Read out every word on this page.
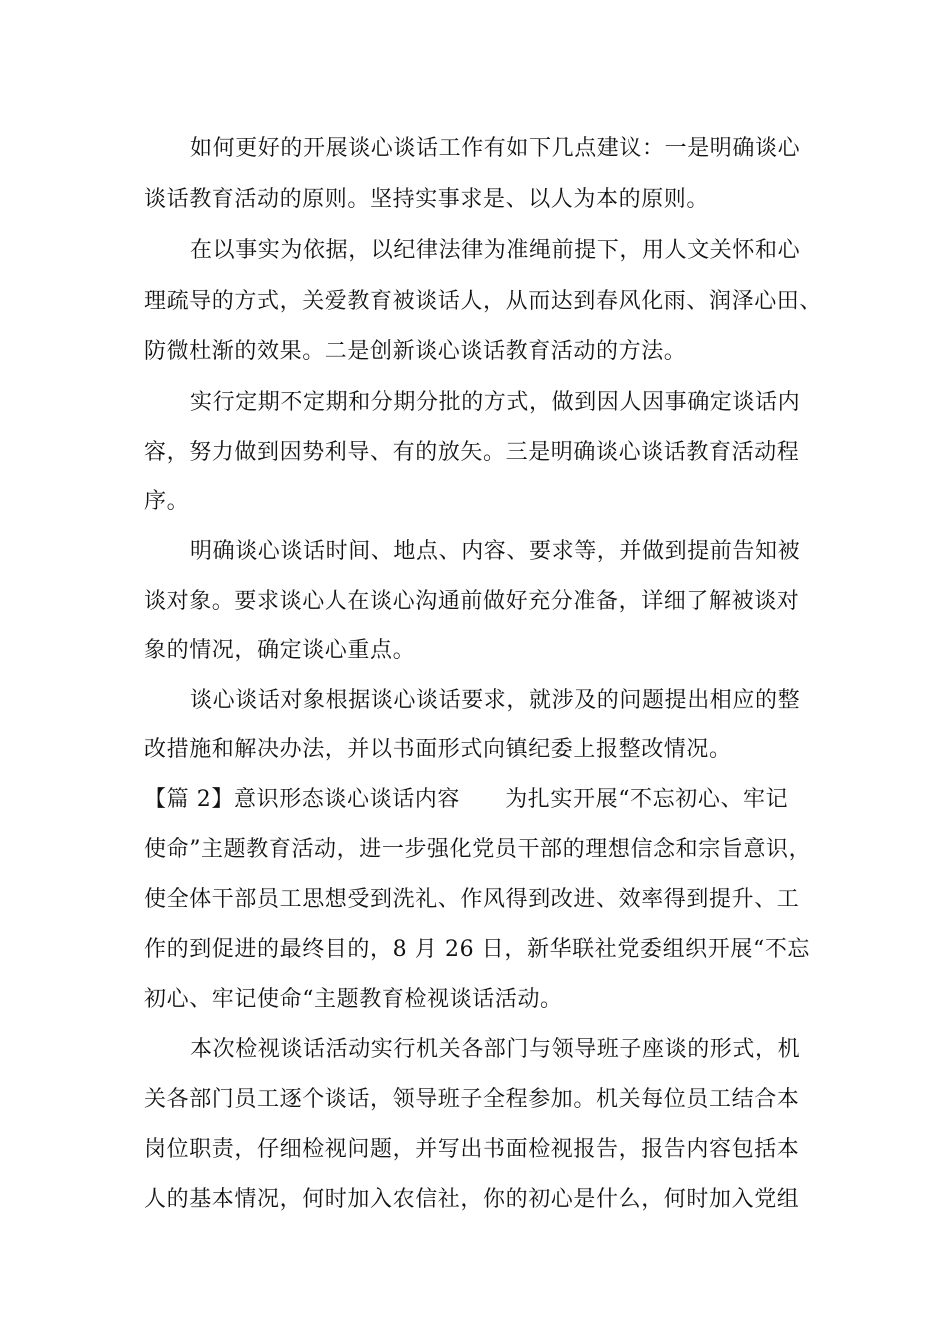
如何更好的开展谈心谈话工作有如下几点建议：一是明确谈心
谈话教育活动的原则。坚持实事求是、以人为本的原则。
在以事实为依据，以纪律法律为准绳前提下，用人文关怀和心
理疏导的方式，关爱教育被谈话人，从而达到春风化雨、润泽心田、
防微杜渐的效果。二是创新谈心谈话教育活动的方法。
实行定期不定期和分期分批的方式，做到因人因事确定谈话内
容，努力做到因势利导、有的放矢。三是明确谈心谈话教育活动程
序。
明确谈心谈话时间、地点、内容、要求等，并做到提前告知被
谈对象。要求谈心人在谈心沟通前做好充分准备，详细了解被谈对
象的情况，确定谈心重点。
谈心谈话对象根据谈心谈话要求，就涉及的问题提出相应的整
改措施和解决办法，并以书面形式向镇纪委上报整改情况。
【篇 2】意识形态谈心谈话内容　　为扎实开展“不忘初心、牢记
使命”主题教育活动，进一步强化党员干部的理想信念和宗旨意识，
使全体干部员工思想受到洗礼、作风得到改进、效率得到提升、工
作的到促进的最终目的，8 月 26 日，新华联社党委组织开展“不忘
初心、牢记使命“主题教育检视谈话活动。
本次检视谈话活动实行机关各部门与领导班子座谈的形式，机
关各部门员工逐个谈话，领导班子全程参加。机关每位员工结合本
岗位职责，仔细检视问题，并写出书面检视报告，报告内容包括本
人的基本情况，何时加入农信社，你的初心是什么，何时加入党组
